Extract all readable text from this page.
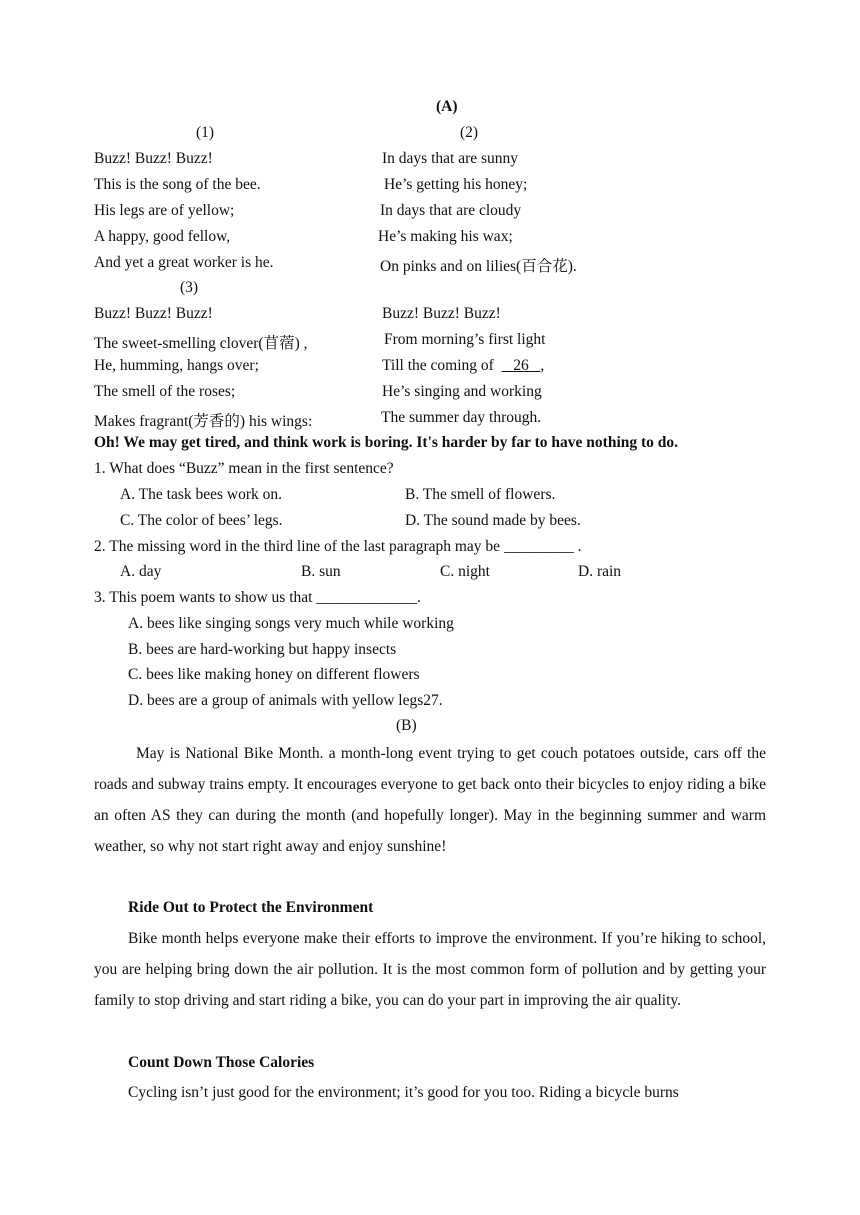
(A)
(1)	(2)
Buzz! Buzz! Buzz!
This is the song of the bee.
His legs are of yellow;
A happy, good fellow,
And yet a great worker is he.
In days that are sunny
He’s getting his honey;
In days that are cloudy
He’s making his wax;
On pinks and on lilies(百合花).
(3)
Buzz! Buzz! Buzz!
The sweet-smelling clover(苜蓿) ,
He, humming, hangs over;
The smell of the roses;
Makes fragrant(芳香的) his wings:
Buzz! Buzz! Buzz!
From morning’s first light
Till the coming of 26 ,
He’s singing and working
The summer day through.
Oh! We may get tired, and think work is boring. It's harder by far to have nothing to do.
1. What does “Buzz” mean in the first sentence?
A. The task bees work on.	B. The smell of flowers.
C. The color of bees’ legs.	D. The sound made by bees.
2. The missing word in the third line of the last paragraph may be _________ .
A. day	B. sun	C. night	D. rain
3. This poem wants to show us that _____________.
A. bees like singing songs very much while working
B. bees are hard-working but happy insects
C. bees like making honey on different flowers
D. bees are a group of animals with yellow legs27.
(B)
May is National Bike Month. a month-long event trying to get couch potatoes outside, cars off the roads and subway trains empty. It encourages everyone to get back onto their bicycles to enjoy riding a bike an often AS they can during the month (and hopefully longer). May in the beginning summer and warm weather, so why not start right away and enjoy sunshine!
Ride Out to Protect the Environment
Bike month helps everyone make their efforts to improve the environment. If you’re hiking to school, you are helping bring down the air pollution. It is the most common form of pollution and by getting your family to stop driving and start riding a bike, you can do your part in improving the air quality.
Count Down Those Calories
Cycling isn’t just good for the environment; it’s good for you too. Riding a bicycle burns
